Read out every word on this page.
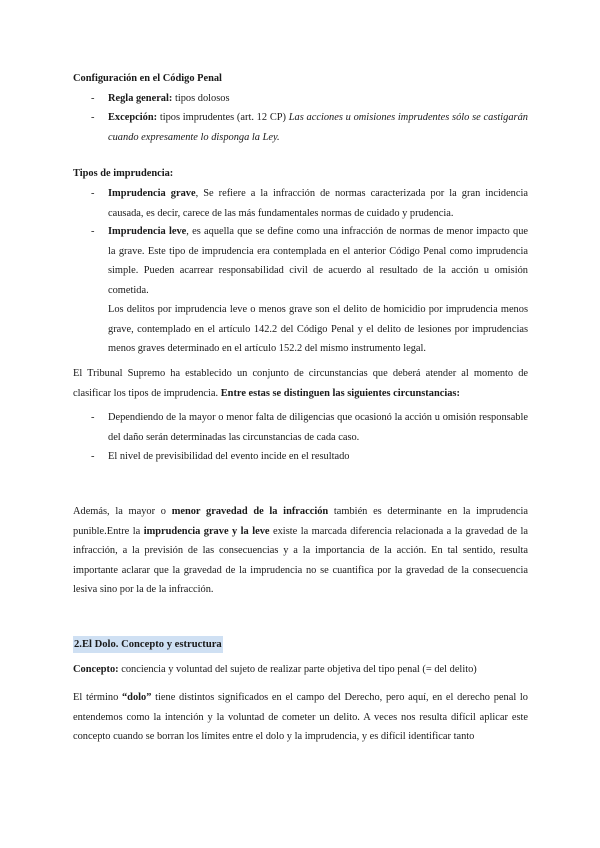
Configuración en el Código Penal

- Regla general: tipos dolosos

- Excepción: tipos imprudentes (art. 12 CP) Las acciones u omisiones imprudentes sólo se castigarán cuando expresamente lo disponga la Ley.

Tipos de imprudencia:

- Imprudencia grave, Se refiere a la infracción de normas caracterizada por la gran incidencia causada, es decir, carece de las más fundamentales normas de cuidado y prudencia.

- Imprudencia leve, es aquella que se define como una infracción de normas de menor impacto que la grave. Este tipo de imprudencia era contemplada en el anterior Código Penal como imprudencia simple. Pueden acarrear responsabilidad civil de acuerdo al resultado de la acción u omisión cometida.

Los delitos por imprudencia leve o menos grave son el delito de homicidio por imprudencia menos grave, contemplado en el artículo 142.2 del Código Penal y el delito de lesiones por imprudencias menos graves determinado en el artículo 152.2 del mismo instrumento legal.

El Tribunal Supremo ha establecido un conjunto de circunstancias que deberá atender al momento de clasificar los tipos de imprudencia. Entre estas se distinguen las siguientes circunstancias:

- Dependiendo de la mayor o menor falta de diligencias que ocasionó la acción u omisión responsable del daño serán determinadas las circunstancias de cada caso.

- El nivel de previsibilidad del evento incide en el resultado

Además, la mayor o menor gravedad de la infracción también es determinante en la imprudencia punible.Entre la imprudencia grave y la leve existe la marcada diferencia relacionada a la gravedad de la infracción, a la previsión de las consecuencias y a la importancia de la acción. En tal sentido, resulta importante aclarar que la gravedad de la imprudencia no se cuantifica por la gravedad de la consecuencia lesiva sino por la de la infracción.

2.El Dolo. Concepto y estructura

Concepto: conciencia y voluntad del sujeto de realizar parte objetiva del tipo penal (= del delito)

El término “dolo” tiene distintos significados en el campo del Derecho, pero aquí, en el derecho penal lo entendemos como la intención y la voluntad de cometer un delito. A veces nos resulta difícil aplicar este concepto cuando se borran los límites entre el dolo y la imprudencia, y es difícil identificar tanto
